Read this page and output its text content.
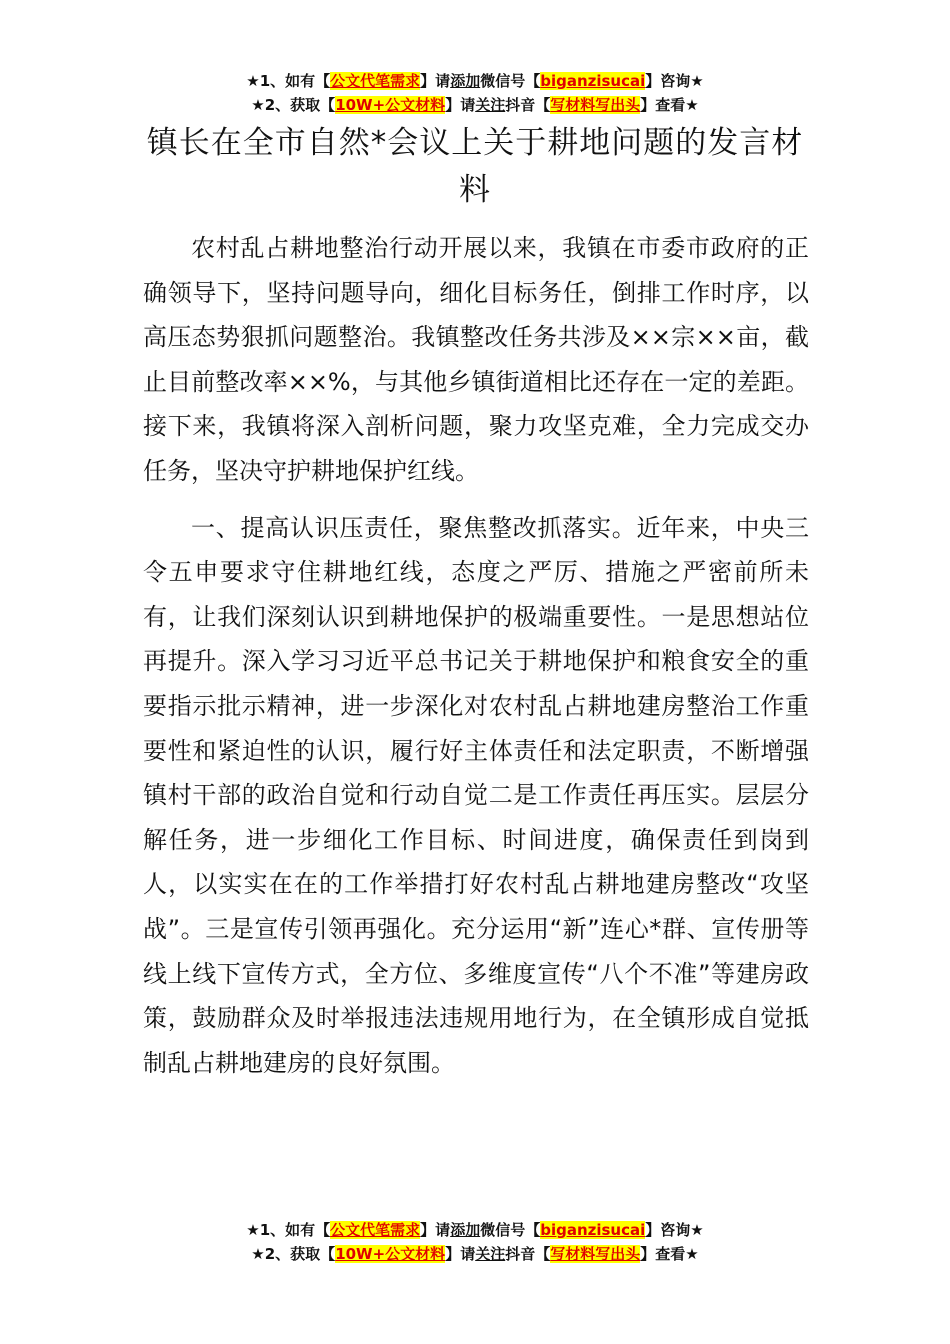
★1、如有【公文代笔需求】请添加微信号【biganzisucai】咨询★
★2、获取【10W+公文材料】请关注抖音【写材料写出头】查看★
镇长在全市自然*会议上关于耕地问题的发言材料

农村乱占耕地整治行动开展以来，我镇在市委市政府的正确领导下，坚持问题导向，细化目标务任，倒排工作时序，以高压态势狠抓问题整治。我镇整改任务共涉及××宗××亩，截止目前整改率××%，与其他乡镇街道相比还存在一定的差距。接下来，我镇将深入剖析问题，聚力攻坚克难，全力完成交办任务，坚决守护耕地保护红线。

一、提高认识压责任，聚焦整改抓落实。近年来，中央三令五申要求守住耕地红线，态度之严厉、措施之严密前所未有，让我们深刻认识到耕地保护的极端重要性。一是思想站位再提升。深入学习习近平总书记关于耕地保护和粮食安全的重要指示批示精神，进一步深化对农村乱占耕地建房整治工作重要性和紧迫性的认识，履行好主体责任和法定职责，不断增强镇村干部的政治自觉和行动自觉二是工作责任再压实。层层分解任务，进一步细化工作目标、时间进度，确保责任到岗到人，以实实在在的工作举措打好农村乱占耕地建房整改“攻坚战”。三是宣传引领再强化。充分运用“新”连心*群、宣传册等线上线下宣传方式，全方位、多维度宣传“八个不准”等建房政策，鼓励群众及时举报违法违规用地行为，在全镇形成自觉抵制乱占耕地建房的良好氛围。

★1、如有【公文代笔需求】请添加微信号【biganzisucai】咨询★
★2、获取【10W+公文材料】请关注抖音【写材料写出头】查看★
